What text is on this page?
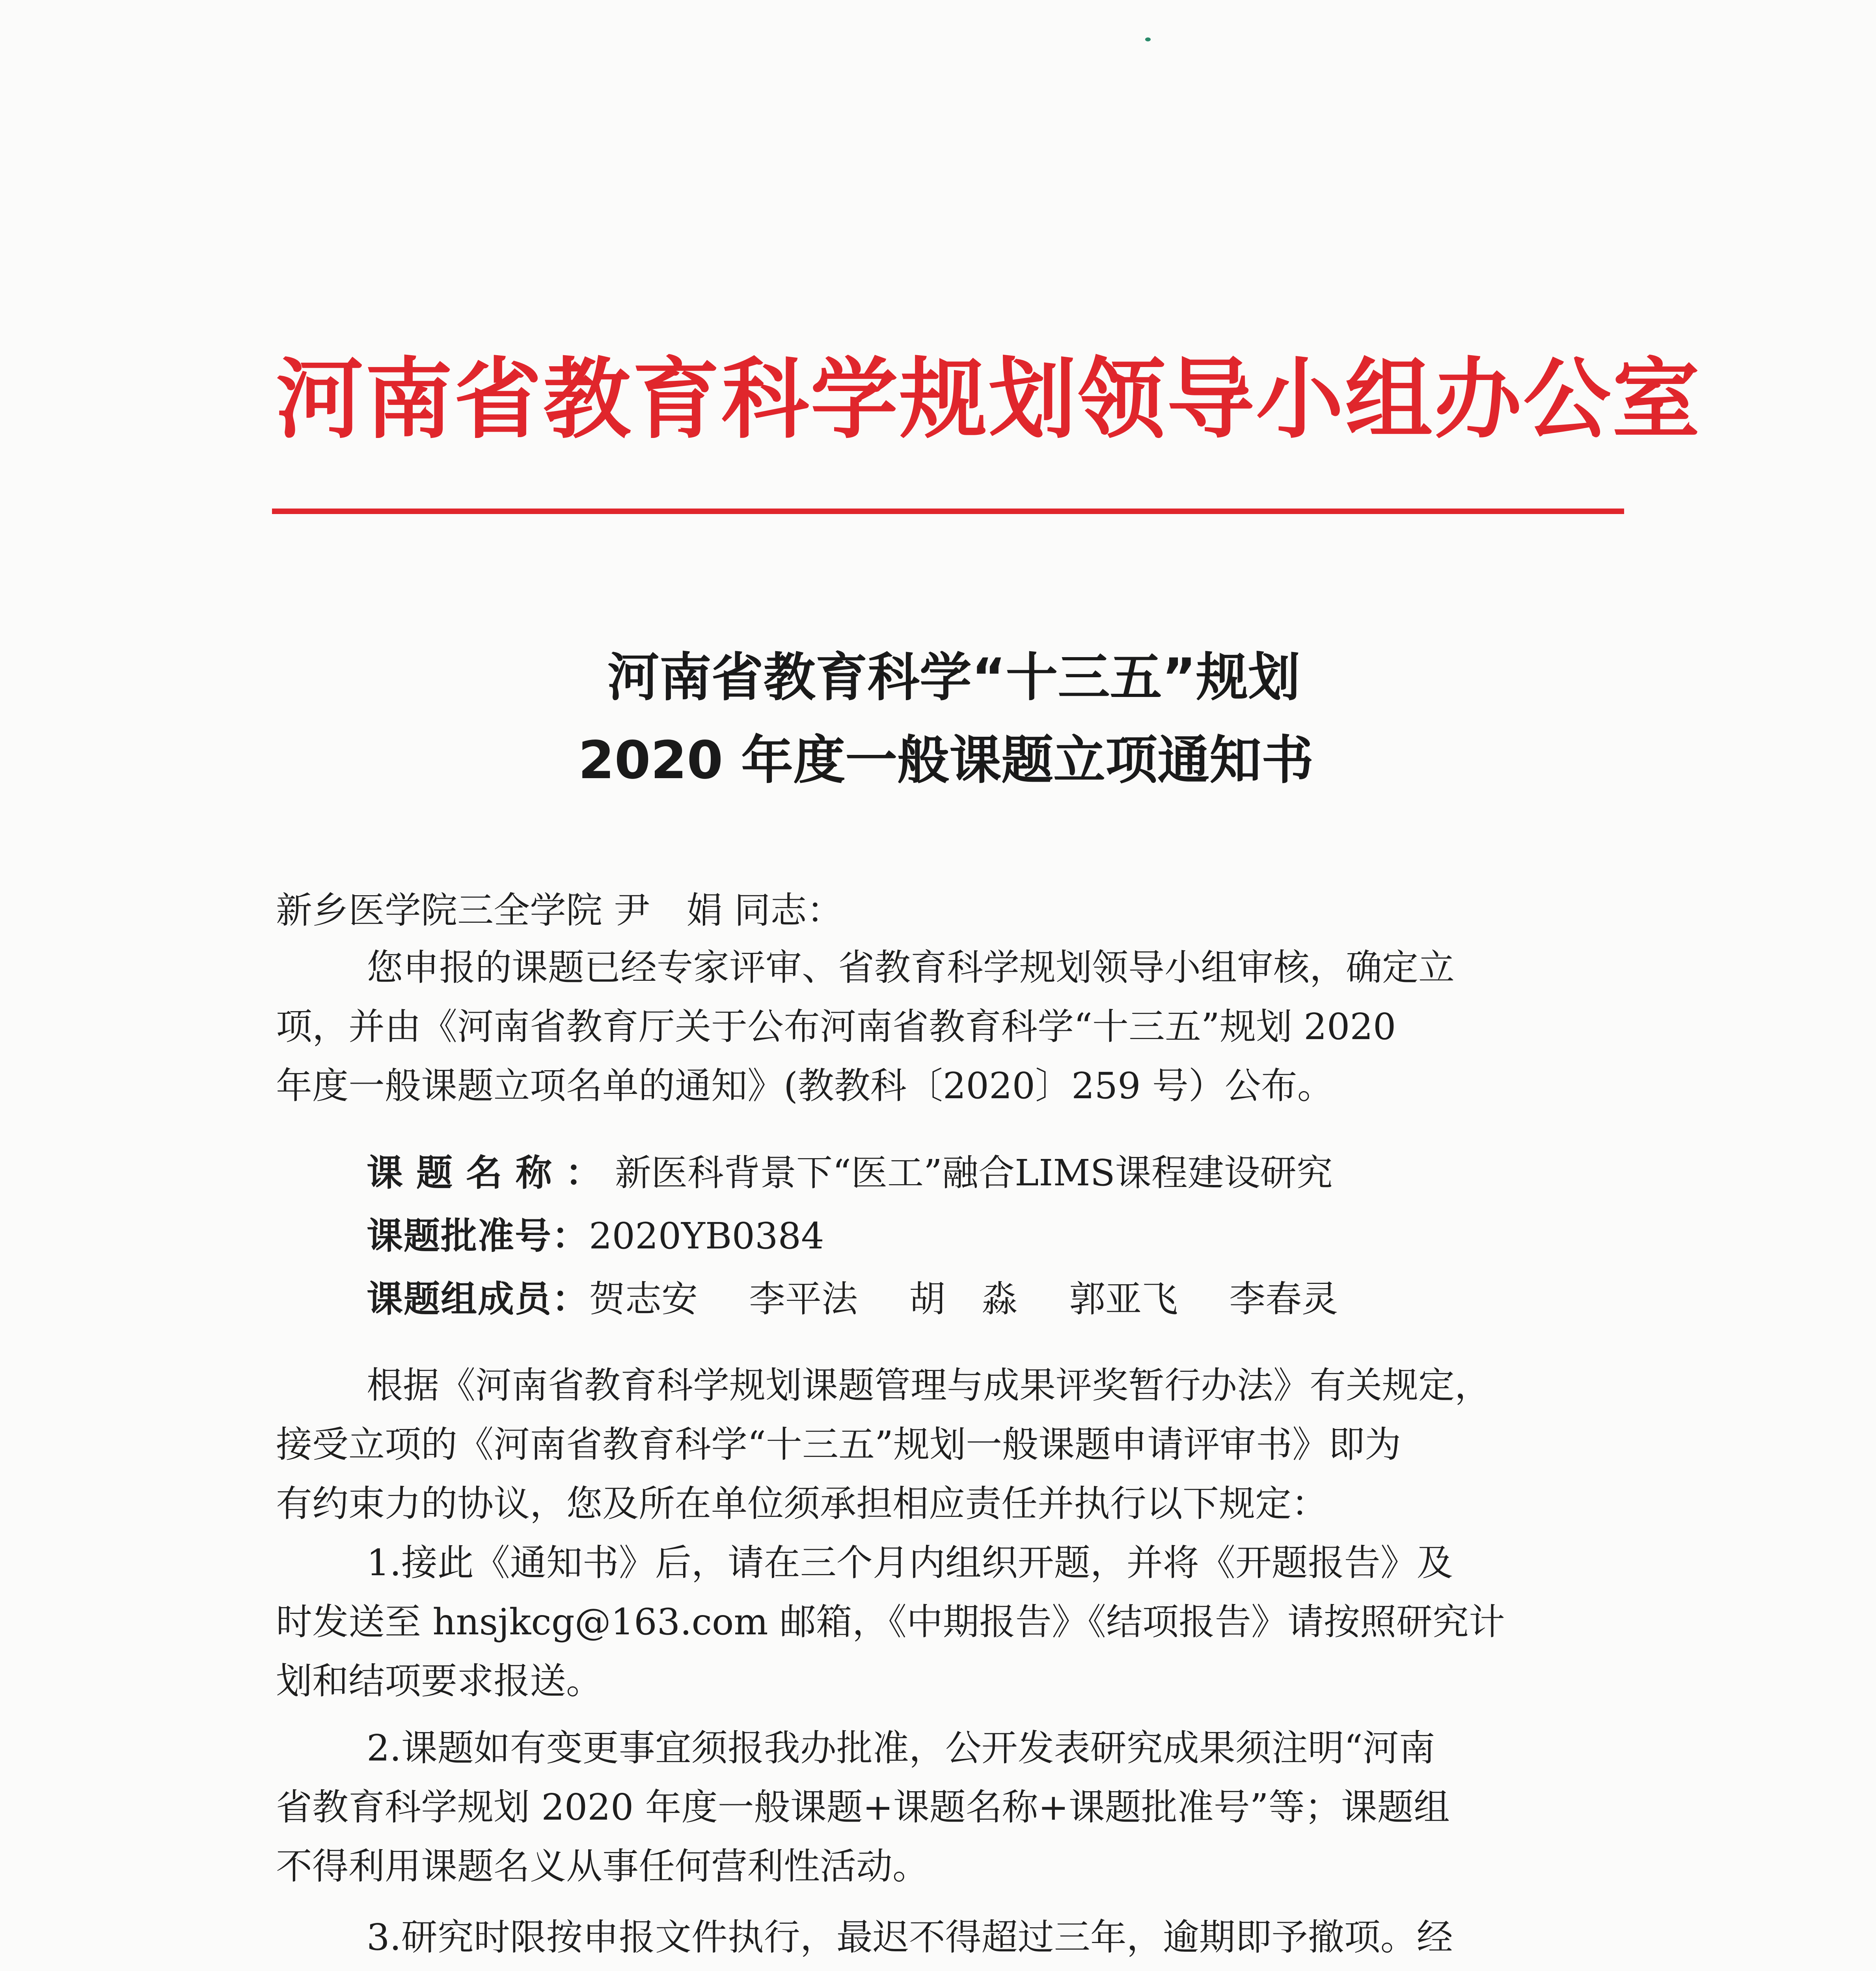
河南省教育科学规划领导小组办公室
河南省教育科学“十三五”规划
2020 年度一般课题立项通知书
新乡医学院三全学院 尹　娟 同志：
您申报的课题已经专家评审、省教育科学规划领导小组审核，确定立
项，并由《河南省教育厅关于公布河南省教育科学“十三五”规划 2020
年度一般课题立项名单的通知》(教教科〔2020〕259 号）公布。
课题名称：新医科背景下“医工”融合LIMS课程建设研究
课题批准号：2020YB0384
课题组成员：贺志安 李平法 胡　淼 郭亚飞 李春灵
根据《河南省教育科学规划课题管理与成果评奖暂行办法》有关规定，
接受立项的《河南省教育科学“十三五”规划一般课题申请评审书》即为
有约束力的协议，您及所在单位须承担相应责任并执行以下规定：
1.接此《通知书》后，请在三个月内组织开题，并将《开题报告》及
时发送至 hnsjkcg@163.com 邮箱，《中期报告》《结项报告》请按照研究计
划和结项要求报送。
2.课题如有变更事宜须报我办批准，公开发表研究成果须注明“河南
省教育科学规划 2020 年度一般课题+课题名称+课题批准号”等；课题组
不得利用课题名义从事任何营利性活动。
3.研究时限按申报文件执行，最迟不得超过三年，逾期即予撤项。经
